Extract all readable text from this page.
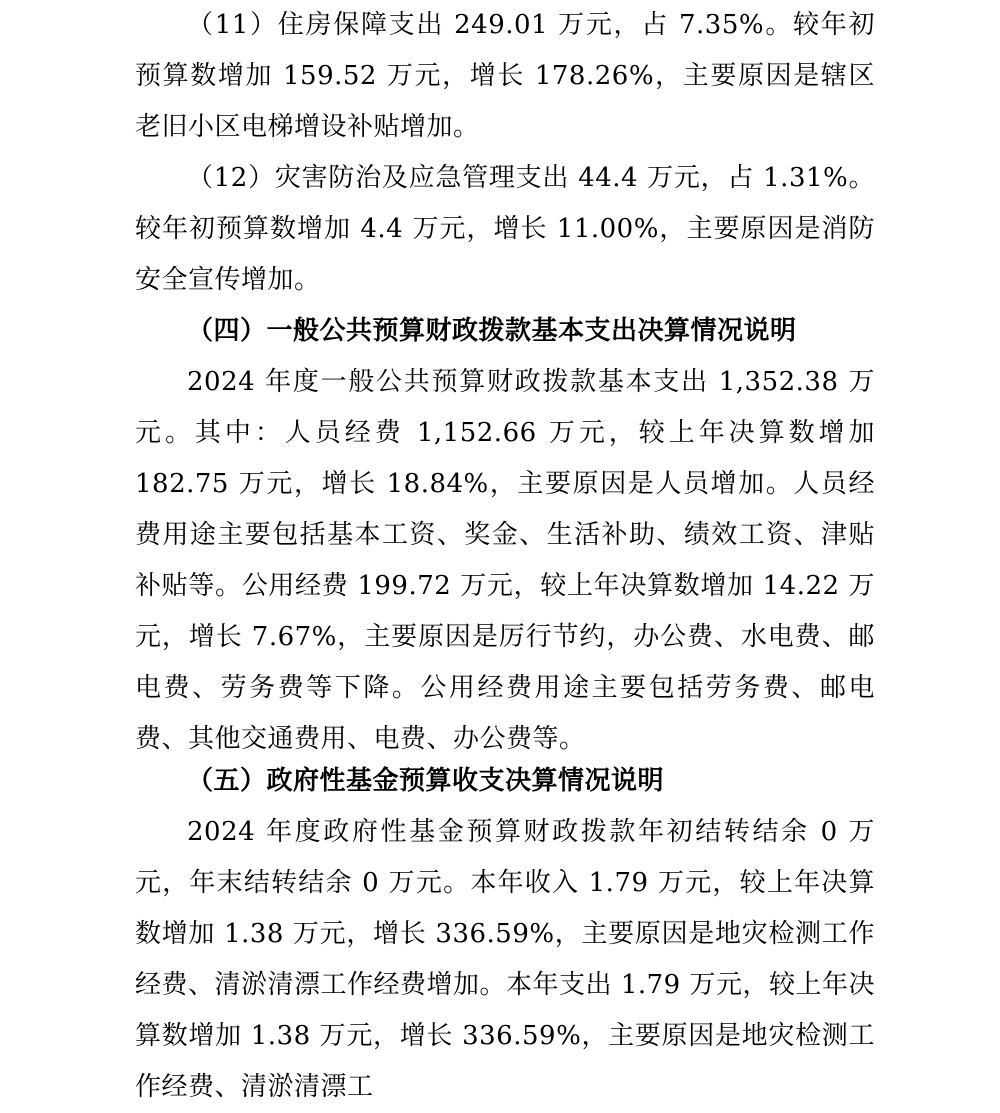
（11）住房保障支出 249.01 万元，占 7.35%。较年初预算数增加 159.52 万元，增长 178.26%，主要原因是辖区老旧小区电梯增设补贴增加。

（12）灾害防治及应急管理支出 44.4 万元，占 1.31%。较年初预算数增加 4.4 万元，增长 11.00%，主要原因是消防安全宣传增加。

（四）一般公共预算财政拨款基本支出决算情况说明

2024 年度一般公共预算财政拨款基本支出 1,352.38 万元。其中：人员经费 1,152.66 万元，较上年决算数增加 182.75 万元，增长 18.84%，主要原因是人员增加。人员经费用途主要包括基本工资、奖金、生活补助、绩效工资、津贴补贴等。公用经费 199.72 万元，较上年决算数增加 14.22 万元，增长 7.67%，主要原因是厉行节约，办公费、水电费、邮电费、劳务费等下降。公用经费用途主要包括劳务费、邮电费、其他交通费用、电费、办公费等。

（五）政府性基金预算收支决算情况说明

2024 年度政府性基金预算财政拨款年初结转结余 0 万元，年末结转结余 0 万元。本年收入 1.79 万元，较上年决算数增加 1.38 万元，增长 336.59%，主要原因是地灾检测工作经费、清淤清漂工作经费增加。本年支出 1.79 万元，较上年决算数增加 1.38 万元，增长 336.59%，主要原因是地灾检测工作经费、清淤清漂工
